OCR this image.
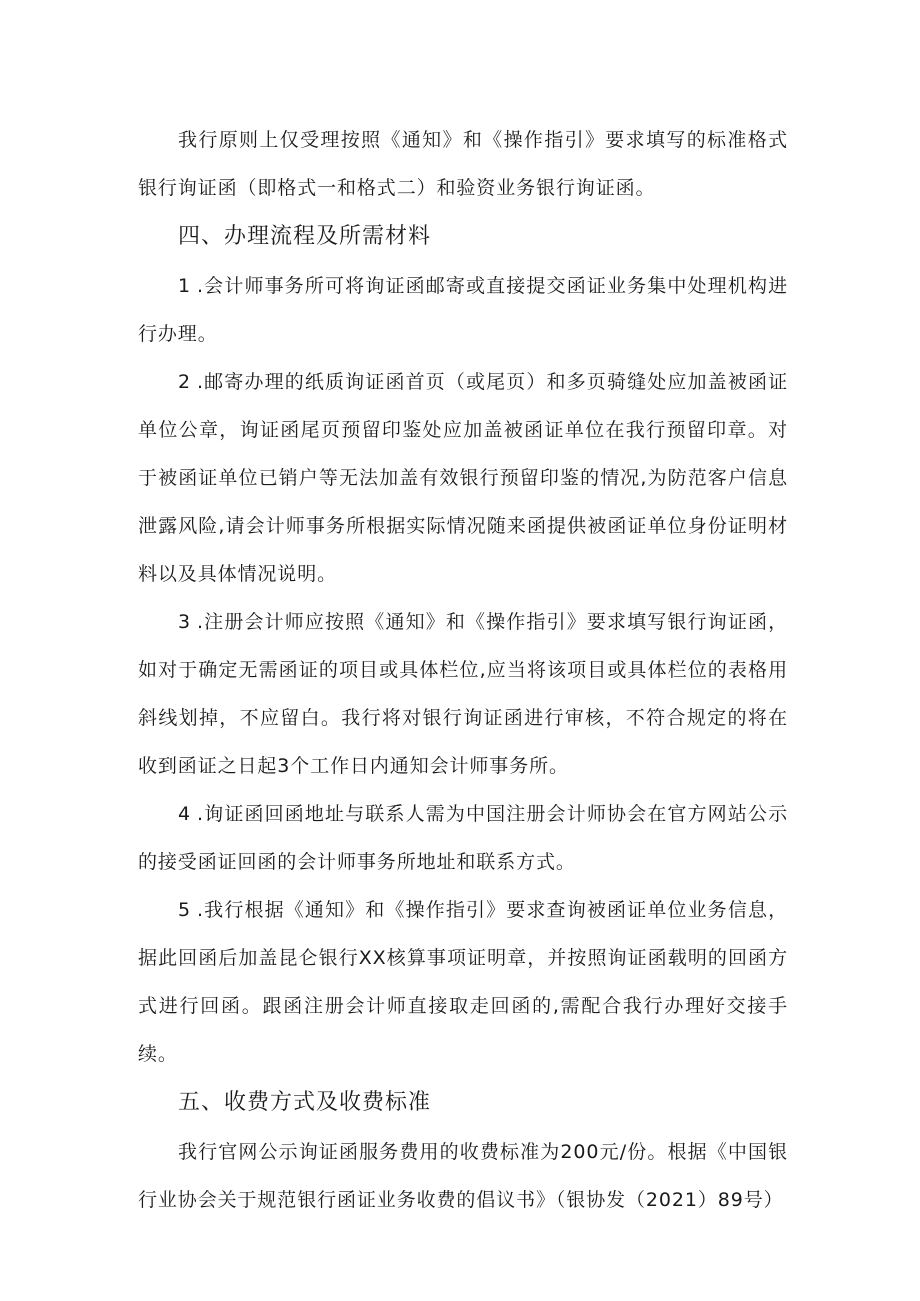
我行原则上仅受理按照《通知》和《操作指引》要求填写的标准格式银行询证函（即格式一和格式二）和验资业务银行询证函。

四、办理流程及所需材料

1 .会计师事务所可将询证函邮寄或直接提交函证业务集中处理机构进行办理。

2 .邮寄办理的纸质询证函首页（或尾页）和多页骑缝处应加盖被函证单位公章，询证函尾页预留印鉴处应加盖被函证单位在我行预留印章。对于被函证单位已销户等无法加盖有效银行预留印鉴的情况,为防范客户信息泄露风险,请会计师事务所根据实际情况随来函提供被函证单位身份证明材料以及具体情况说明。

3 .注册会计师应按照《通知》和《操作指引》要求填写银行询证函，如对于确定无需函证的项目或具体栏位,应当将该项目或具体栏位的表格用斜线划掉，不应留白。我行将对银行询证函进行审核，不符合规定的将在收到函证之日起3个工作日内通知会计师事务所。

4 .询证函回函地址与联系人需为中国注册会计师协会在官方网站公示的接受函证回函的会计师事务所地址和联系方式。

5 .我行根据《通知》和《操作指引》要求查询被函证单位业务信息，据此回函后加盖昆仑银行XX核算事项证明章，并按照询证函载明的回函方式进行回函。跟函注册会计师直接取走回函的,需配合我行办理好交接手续。

五、收费方式及收费标准

我行官网公示询证函服务费用的收费标准为200元/份。根据《中国银行业协会关于规范银行函证业务收费的倡议书》（银协发（2021）89号）
